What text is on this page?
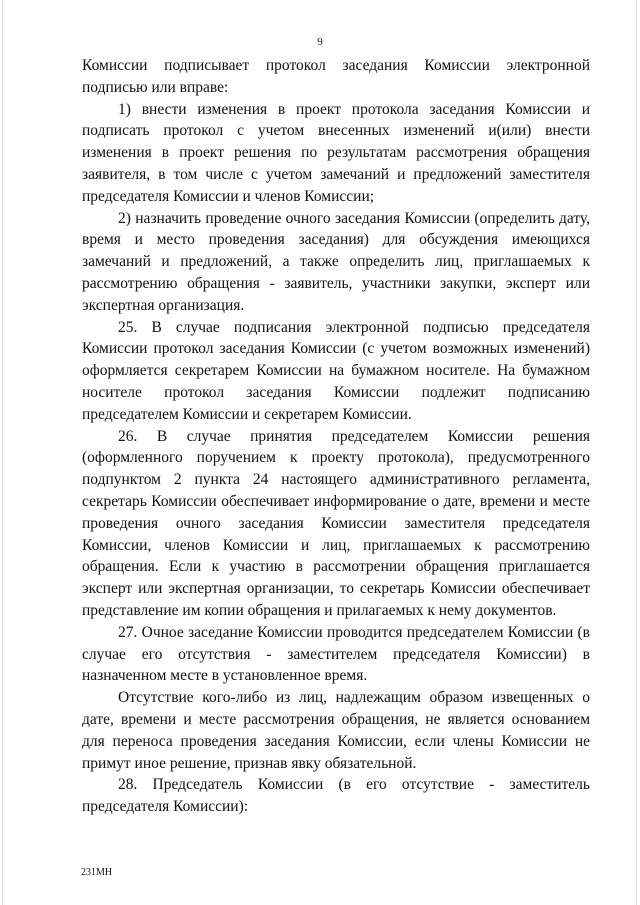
9

Комиссии подписывает протокол заседания Комиссии электронной подписью или вправе:

1) внести изменения в проект протокола заседания Комиссии и подписать протокол с учетом внесенных изменений и(или) внести изменения в проект решения по результатам рассмотрения обращения заявителя, в том числе с учетом замечаний и предложений заместителя председателя Комиссии и членов Комиссии;

2) назначить проведение очного заседания Комиссии (определить дату, время и место проведения заседания) для обсуждения имеющихся замечаний и предложений, а также определить лиц, приглашаемых к рассмотрению обращения - заявитель, участники закупки, эксперт или экспертная организация.

25. В случае подписания электронной подписью председателя Комиссии протокол заседания Комиссии (с учетом возможных изменений) оформляется секретарем Комиссии на бумажном носителе. На бумажном носителе протокол заседания Комиссии подлежит подписанию председателем Комиссии и секретарем Комиссии.

26. В случае принятия председателем Комиссии решения (оформленного поручением к проекту протокола), предусмотренного подпунктом 2 пункта 24 настоящего административного регламента, секретарь Комиссии обеспечивает информирование о дате, времени и месте проведения очного заседания Комиссии заместителя председателя Комиссии, членов Комиссии и лиц, приглашаемых к рассмотрению обращения. Если к участию в рассмотрении обращения приглашается эксперт или экспертная организации, то секретарь Комиссии обеспечивает представление им копии обращения и прилагаемых к нему документов.

27. Очное заседание Комиссии проводится председателем Комиссии (в случае его отсутствия - заместителем председателя Комиссии) в назначенном месте в установленное время.

Отсутствие кого-либо из лиц, надлежащим образом извещенных о дате, времени и месте рассмотрения обращения, не является основанием для переноса проведения заседания Комиссии, если члены Комиссии не примут иное решение, признав явку обязательной.

28. Председатель Комиссии (в его отсутствие - заместитель председателя Комиссии):

231МН
